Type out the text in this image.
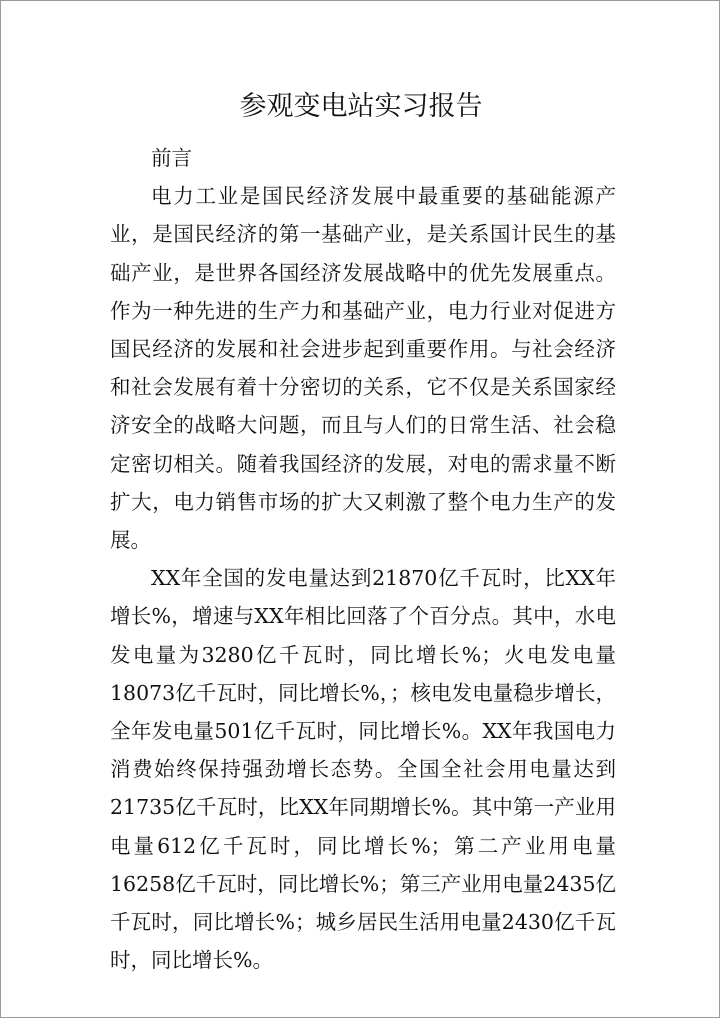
参观变电站实习报告

前言

电力工业是国民经济发展中最重要的基础能源产业，是国民经济的第一基础产业，是关系国计民生的基础产业，是世界各国经济发展战略中的优先发展重点。作为一种先进的生产力和基础产业，电力行业对促进方国民经济的发展和社会进步起到重要作用。与社会经济和社会发展有着十分密切的关系，它不仅是关系国家经济安全的战略大问题，而且与人们的日常生活、社会稳定密切相关。随着我国经济的发展，对电的需求量不断扩大，电力销售市场的扩大又刺激了整个电力生产的发展。

XX年全国的发电量达到21870亿千瓦时，比XX年增长%，增速与XX年相比回落了个百分点。其中，水电发电量为3280亿千瓦时，同比增长%；火电发电量18073亿千瓦时，同比增长%，；核电发电量稳步增长，全年发电量501亿千瓦时，同比增长%。XX年我国电力消费始终保持强劲增长态势。全国全社会用电量达到21735亿千瓦时，比XX年同期增长%。其中第一产业用电量612亿千瓦时，同比增长%；第二产业用电量16258亿千瓦时，同比增长%；第三产业用电量2435亿千瓦时，同比增长%；城乡居民生活用电量2430亿千瓦时，同比增长%。
